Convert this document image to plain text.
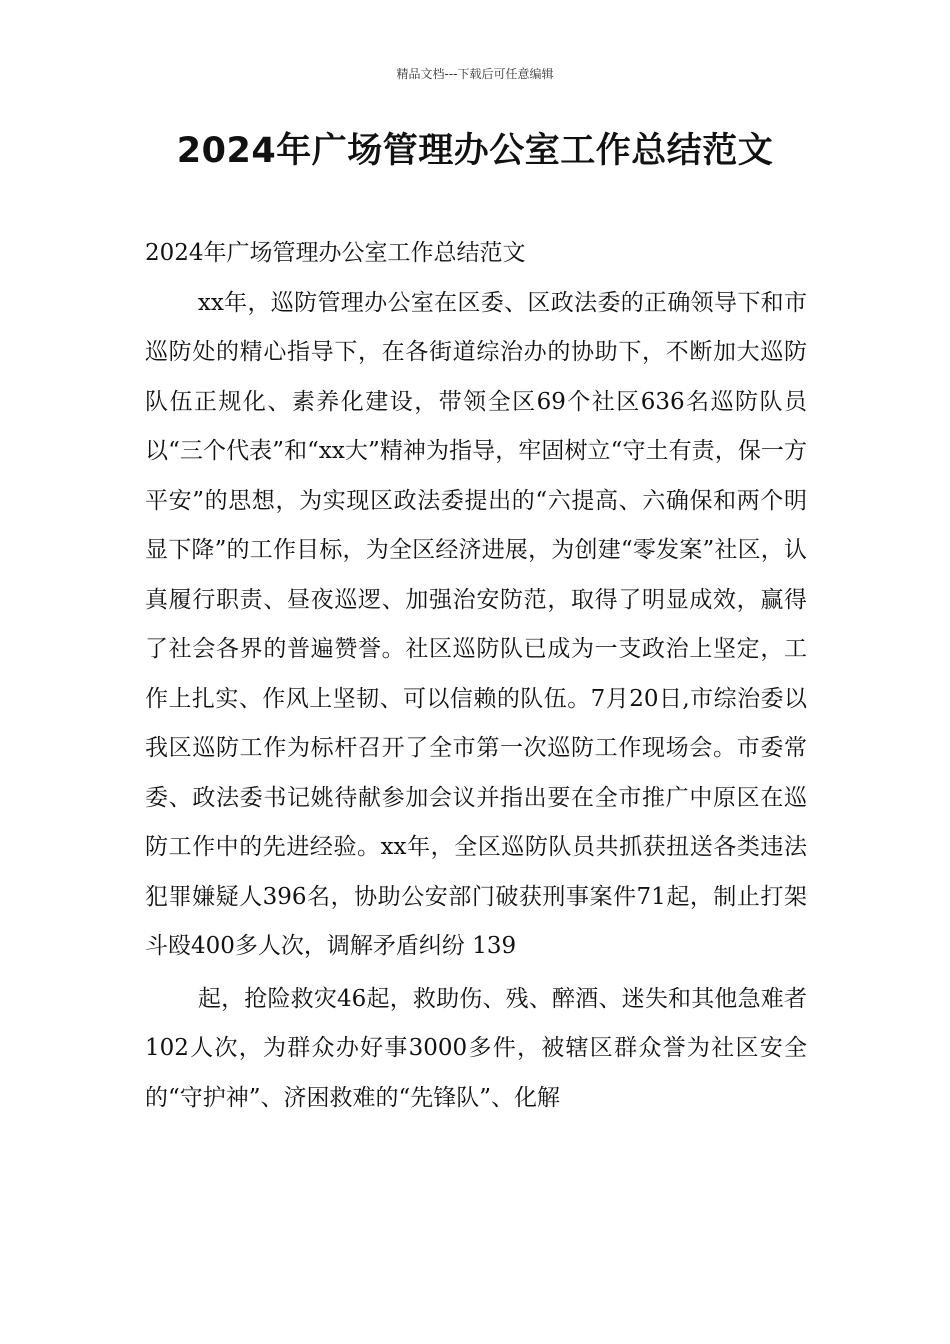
精品文档---下载后可任意编辑
2024年广场管理办公室工作总结范文

2024年广场管理办公室工作总结范文

xx年，巡防管理办公室在区委、区政法委的正确领导下和市巡防处的精心指导下，在各街道综治办的协助下，不断加大巡防队伍正规化、素养化建设，带领全区69个社区636名巡防队员以“三个代表”和“xx大”精神为指导，牢固树立“守土有责，保一方平安”的思想，为实现区政法委提出的“六提高、六确保和两个明显下降”的工作目标，为全区经济进展，为创建“零发案”社区，认真履行职责、昼夜巡逻、加强治安防范，取得了明显成效，赢得了社会各界的普遍赞誉。社区巡防队已成为一支政治上坚定，工作上扎实、作风上坚韧、可以信赖的队伍。7月20日,市综治委以我区巡防工作为标杆召开了全市第一次巡防工作现场会。市委常委、政法委书记姚待献参加会议并指出要在全市推广中原区在巡防工作中的先进经验。xx年，全区巡防队员共抓获扭送各类违法犯罪嫌疑人396名，协助公安部门破获刑事案件71起，制止打架斗殴400多人次，调解矛盾纠纷 139

起，抢险救灾46起，救助伤、残、醉酒、迷失和其他急难者102人次，为群众办好事3000多件，被辖区群众誉为社区安全的“守护神”、济困救难的“先锋队”、化解
